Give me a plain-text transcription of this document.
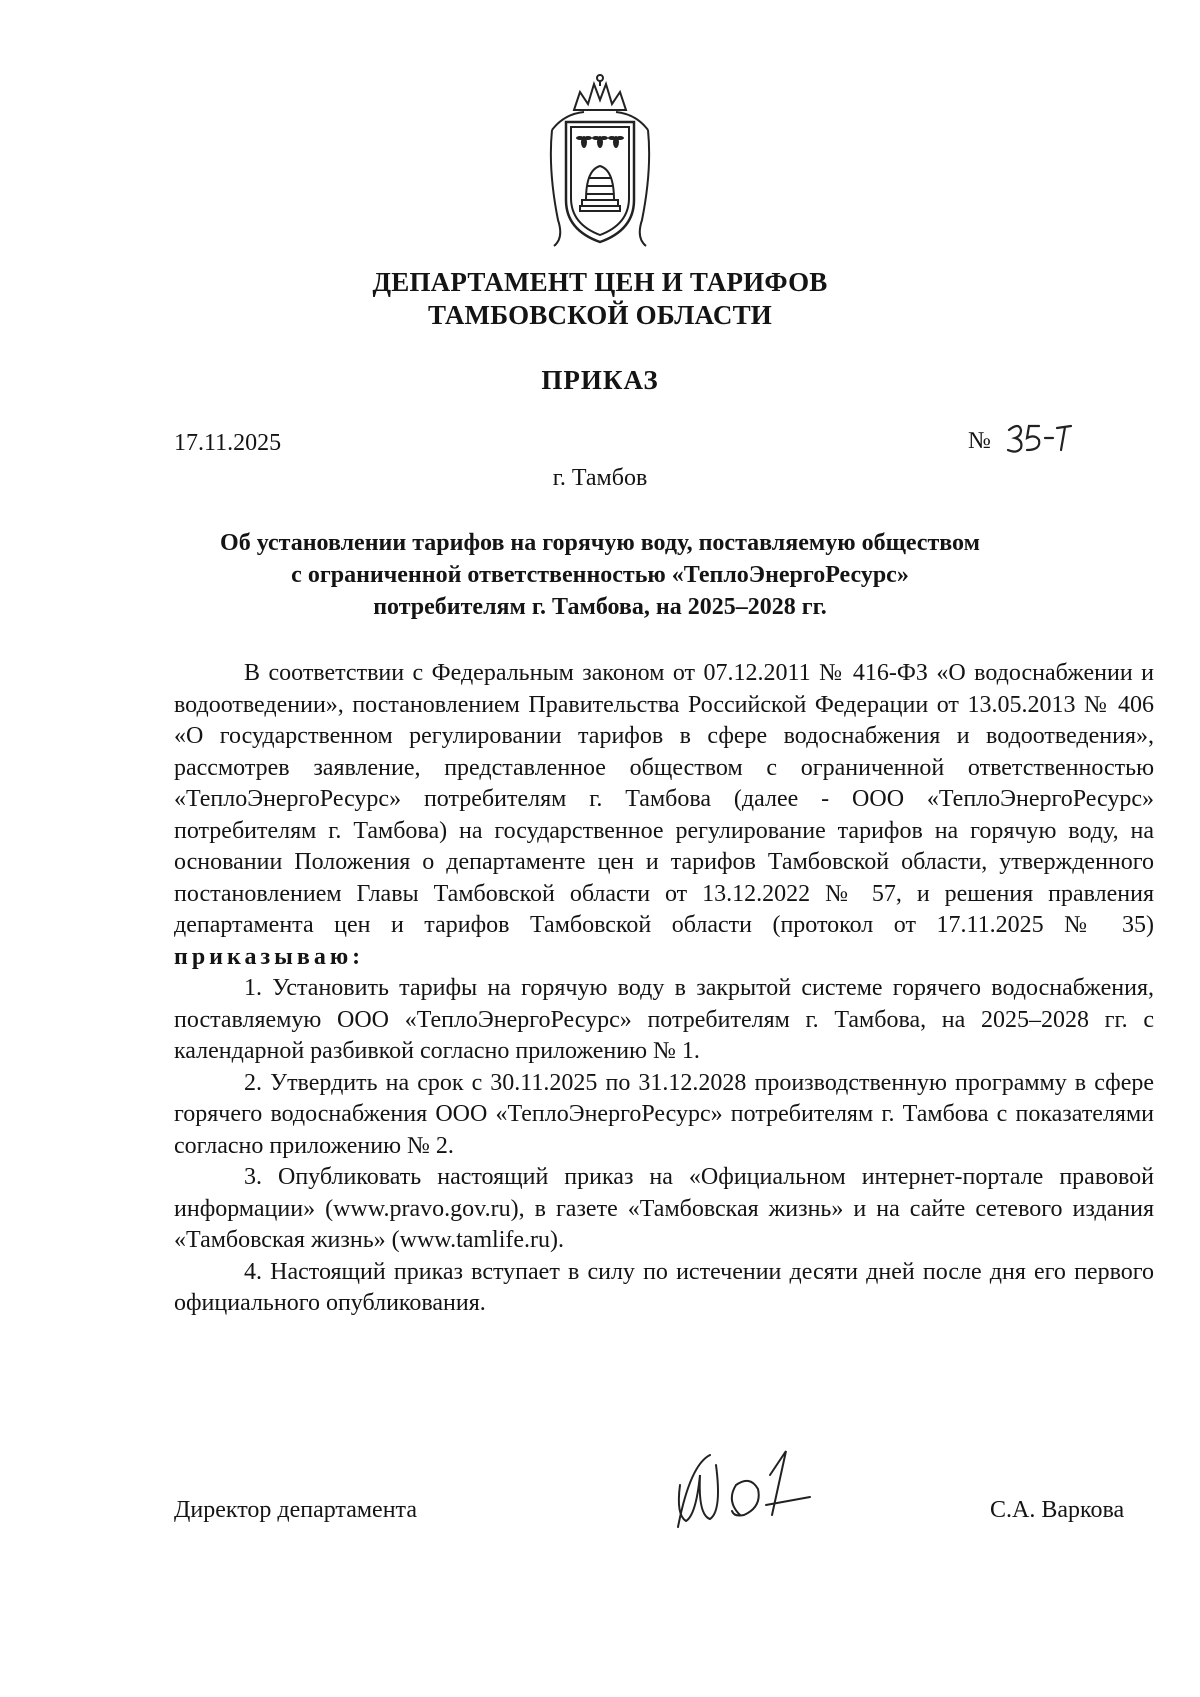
ДЕПАРТАМЕНТ ЦЕН И ТАРИФОВ
ТАМБОВСКОЙ ОБЛАСТИ
ПРИКАЗ
17.11.2025	№
г. Тамбов
Об установлении тарифов на горячую воду, поставляемую обществом
с ограниченной ответственностью «ТеплоЭнергоРесурс»
потребителям г. Тамбова, на 2025–2028 гг.

В соответствии с Федеральным законом от 07.12.2011 № 416-ФЗ «О водоснабжении и водоотведении», постановлением Правительства Российской Федерации от 13.05.2013 № 406 «О государственном регулировании тарифов в сфере водоснабжения и водоотведения», рассмотрев заявление, представленное обществом с ограниченной ответственностью «ТеплоЭнергоРесурс» потребителям г. Тамбова (далее - ООО «ТеплоЭнергоРесурс» потребителям г. Тамбова) на государственное регулирование тарифов на горячую воду, на основании Положения о департаменте цен и тарифов Тамбовской области, утвержденного постановлением Главы Тамбовской области от 13.12.2022 № 57, и решения правления департамента цен и тарифов Тамбовской области (протокол от 17.11.2025 № 35) приказываю:

1. Установить тарифы на горячую воду в закрытой системе горячего водоснабжения, поставляемую ООО «ТеплоЭнергоРесурс» потребителям г. Тамбова, на 2025–2028 гг. с календарной разбивкой согласно приложению № 1.

2. Утвердить на срок с 30.11.2025 по 31.12.2028 производственную программу в сфере горячего водоснабжения ООО «ТеплоЭнергоРесурс» потребителям г. Тамбова с показателями согласно приложению № 2.

3. Опубликовать настоящий приказ на «Официальном интернет-портале правовой информации» (www.pravo.gov.ru), в газете «Тамбовская жизнь» и на сайте сетевого издания «Тамбовская жизнь» (www.tamlife.ru).

4. Настоящий приказ вступает в силу по истечении десяти дней после дня его первого официального опубликования.

Директор департамента	С.А. Варкова
